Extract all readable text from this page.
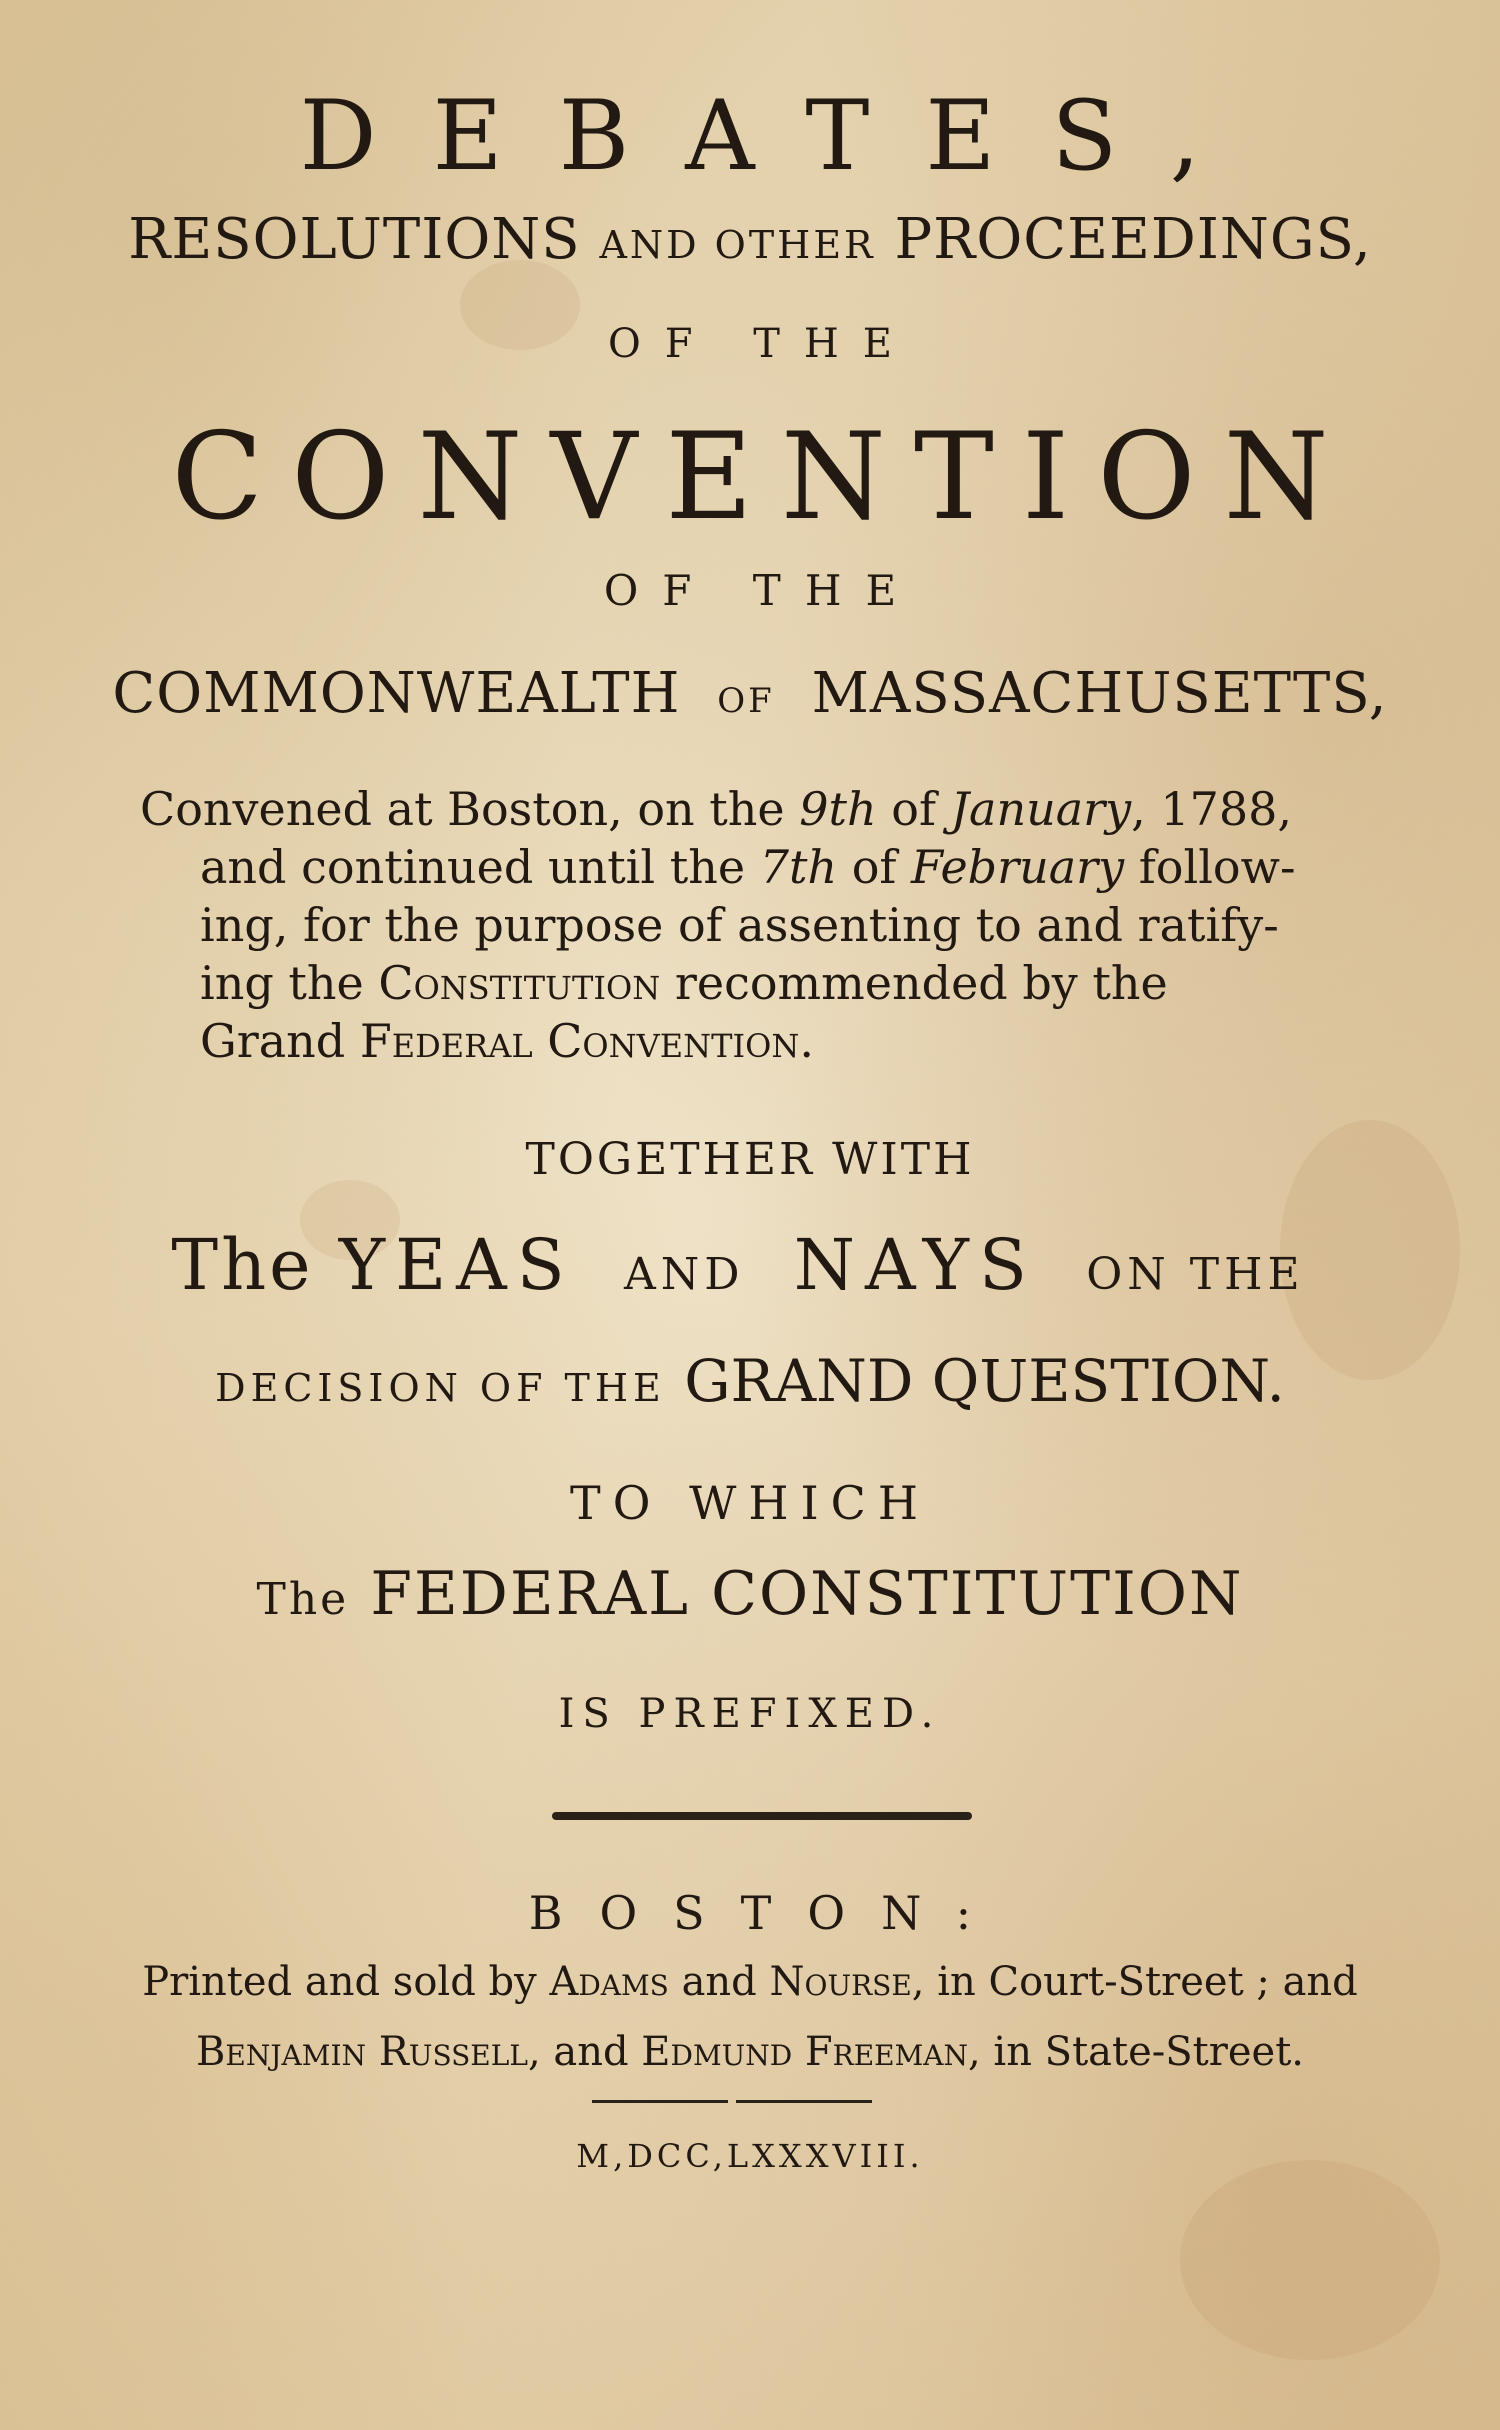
DEBATES,
RESOLUTIONS AND OTHER PROCEEDINGS,
OF THE
CONVENTION
OF THE
COMMONWEALTH OF MASSACHUSETTS,
Convened at Boston, on the 9th of January, 1788,
and continued until the 7th of February follow-
ing, for the purpose of assenting to and ratify-
ing the Constitution recommended by the
Grand Federal Convention.
TOGETHER WITH
The YEAS AND NAYS ON THE
DECISION OF THE GRAND QUESTION.
TO WHICH
The FEDERAL CONSTITUTION
IS PREFIXED.
BOSTON:
Printed and sold by Adams and Nourse, in Court-Street ; and
Benjamin Russell, and Edmund Freeman, in State-Street.
M,DCC,LXXXVIII.
